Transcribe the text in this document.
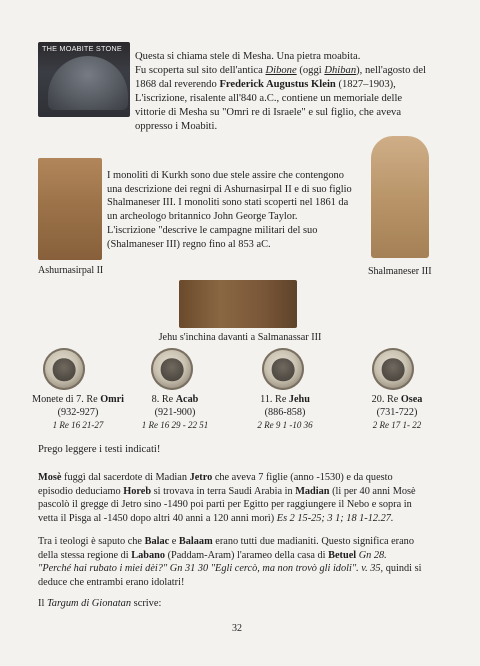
THE MOABITE STONE
Questa si chiama stele di Mesha. Una pietra moabita.
Fu scoperta sul sito dell'antica Dibone (oggi Dhiban), nell'agosto del
1868 dal reverendo Frederick Augustus Klein (1827–1903),
L'iscrizione, risalente all'840 a.C., contiene un memoriale delle
vittorie di Mesha su "Omri re di Israele" e sul figlio, che aveva
oppresso i Moabiti.
Ashurnasirpal II
I monoliti di Kurkh sono due stele assire che contengono
una descrizione dei regni di Ashurnasirpal II e di suo figlio
Shalmaneser III. I monoliti sono stati scoperti nel 1861 da
un archeologo britannico John George Taylor.
L'iscrizione "descrive le campagne militari del suo
(Shalmaneser III) regno fino al 853 aC.
Shalmaneser III
Jehu s'inchina davanti a Salmanassar III
Monete di 7. Re Omri
(932-927)
1 Re 16 21-27
8. Re Acab
(921-900)
1 Re 16 29 - 22 51
11. Re Jehu
(886-858)
2 Re 9 1 -10 36
20. Re Osea
(731-722)
2 Re 17 1- 22
Prego leggere i testi indicati!
Mosè fuggì dal sacerdote di Madian Jetro che aveva 7 figlie (anno -1530) e da questo
episodio deduciamo Horeb si trovava in terra Saudi Arabia in Madian (li per 40 anni Mosè
pascolò il gregge di Jetro sino -1490 poi partì per Egitto per raggiungere il Nebo e sopra in
vetta il Pisga al -1450 dopo altri 40 anni a 120 anni morì) Es 2 15-25; 3 1; 18 1-12.27.
Tra i teologi è saputo che Balac e Balaam erano tutti due madianiti. Questo significa erano
della stessa regione di Labano (Paddam-Aram) l'arameo della casa di Betuel Gn 28.
"Perché hai rubato i miei dèi?" Gn 31 30 "Egli cercò, ma non trovò gli idoli". v. 35, quindi si
deduce che entrambi erano idolatri!
Il Targum di Gionatan scrive:
32
